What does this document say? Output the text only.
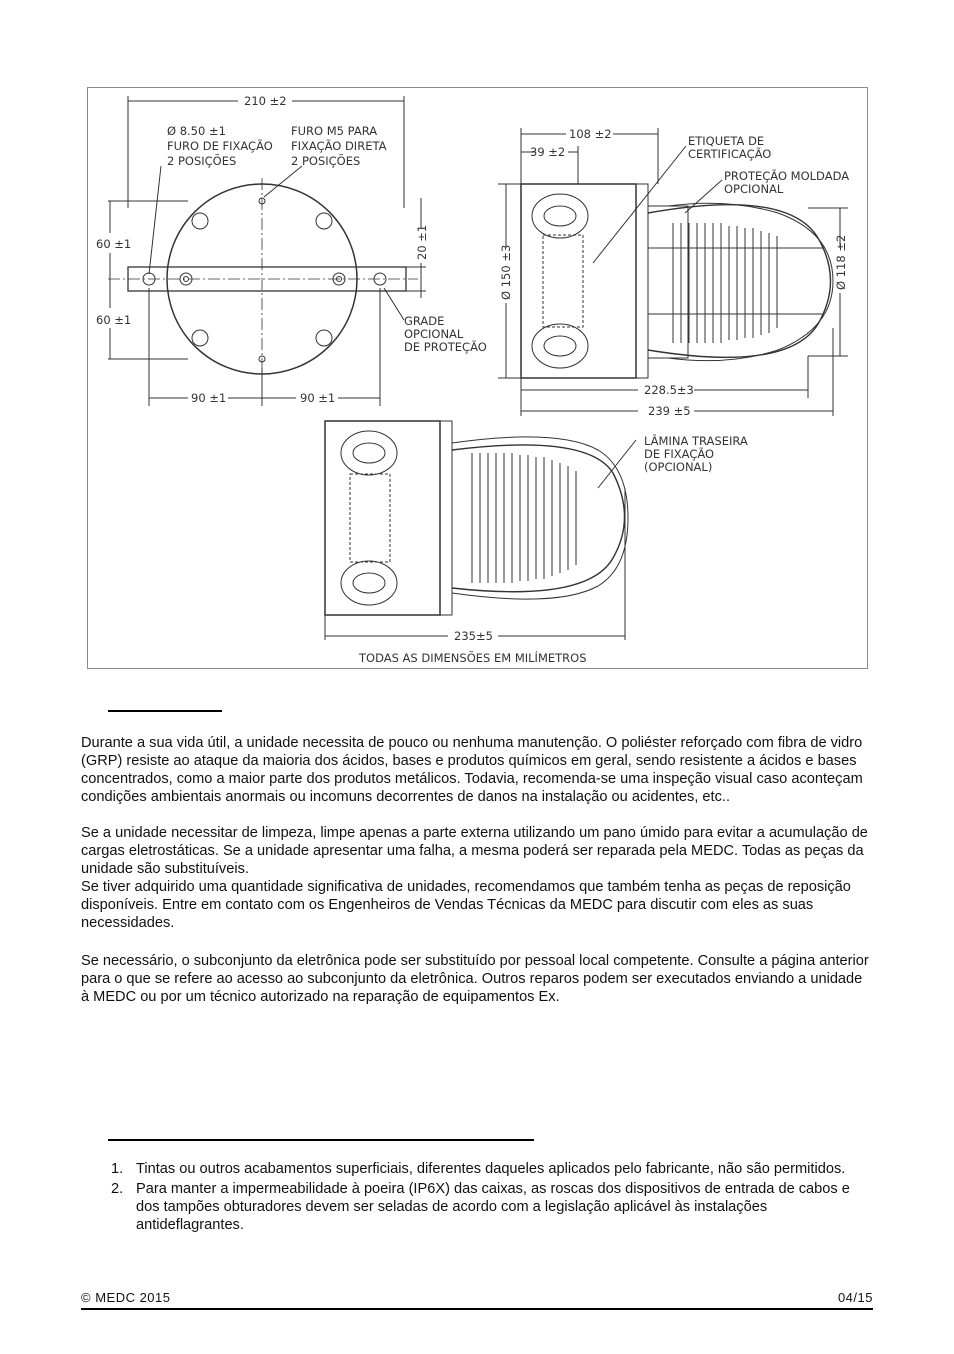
210 ±2
Ø 8.50 ±1
FURO DE FIXAÇÃO
2 POSIÇÕES
FURO M5 PARA
FIXAÇÃO DIRETA
2 POSIÇÕES
60 ±1
60 ±1
20 ±1
90 ±1	90 ±1
GRADE
OPCIONAL
DE PROTEÇÃO
108 ±2
39 ±2
ETIQUETA DE
CERTIFICAÇÃO
PROTEÇÃO MOLDADA
OPCIONAL
Ø 150 ±3	Ø 118 ±2
228.5±3
239 ±5
LÂMINA TRASEIRA
DE FIXAÇÃO
(OPCIONAL)
235±5
TODAS AS DIMENSÕES EM MILÍMETROS

Durante a sua vida útil, a unidade necessita de pouco ou nenhuma manutenção. O poliéster reforçado com fibra de vidro (GRP) resiste ao ataque da maioria dos ácidos, bases e produtos químicos em geral, sendo resistente a ácidos e bases concentrados, como a maior parte dos produtos metálicos. Todavia, recomenda-se uma inspeção visual caso aconteçam condições ambientais anormais ou incomuns decorrentes de danos na instalação ou acidentes, etc..

Se a unidade necessitar de limpeza, limpe apenas a parte externa utilizando um pano úmido para evitar a acumulação de cargas eletrostáticas. Se a unidade apresentar uma falha, a mesma poderá ser reparada pela MEDC. Todas as peças da unidade são substituíveis.

Se tiver adquirido uma quantidade significativa de unidades, recomendamos que também tenha as peças de reposição disponíveis. Entre em contato com os Engenheiros de Vendas Técnicas da MEDC para discutir com eles as suas necessidades.

Se necessário, o subconjunto da eletrônica pode ser substituído por pessoal local competente. Consulte a página anterior para o que se refere ao acesso ao subconjunto da eletrônica. Outros reparos podem ser executados enviando a unidade à MEDC ou por um técnico autorizado na reparação de equipamentos Ex.

1. Tintas ou outros acabamentos superficiais, diferentes daqueles aplicados pelo fabricante, não são permitidos.
2. Para manter a impermeabilidade à poeira (IP6X) das caixas, as roscas dos dispositivos de entrada de cabos e dos tampões obturadores devem ser seladas de acordo com a legislação aplicável às instalações antideflagrantes.
© MEDC 2015	04/15
